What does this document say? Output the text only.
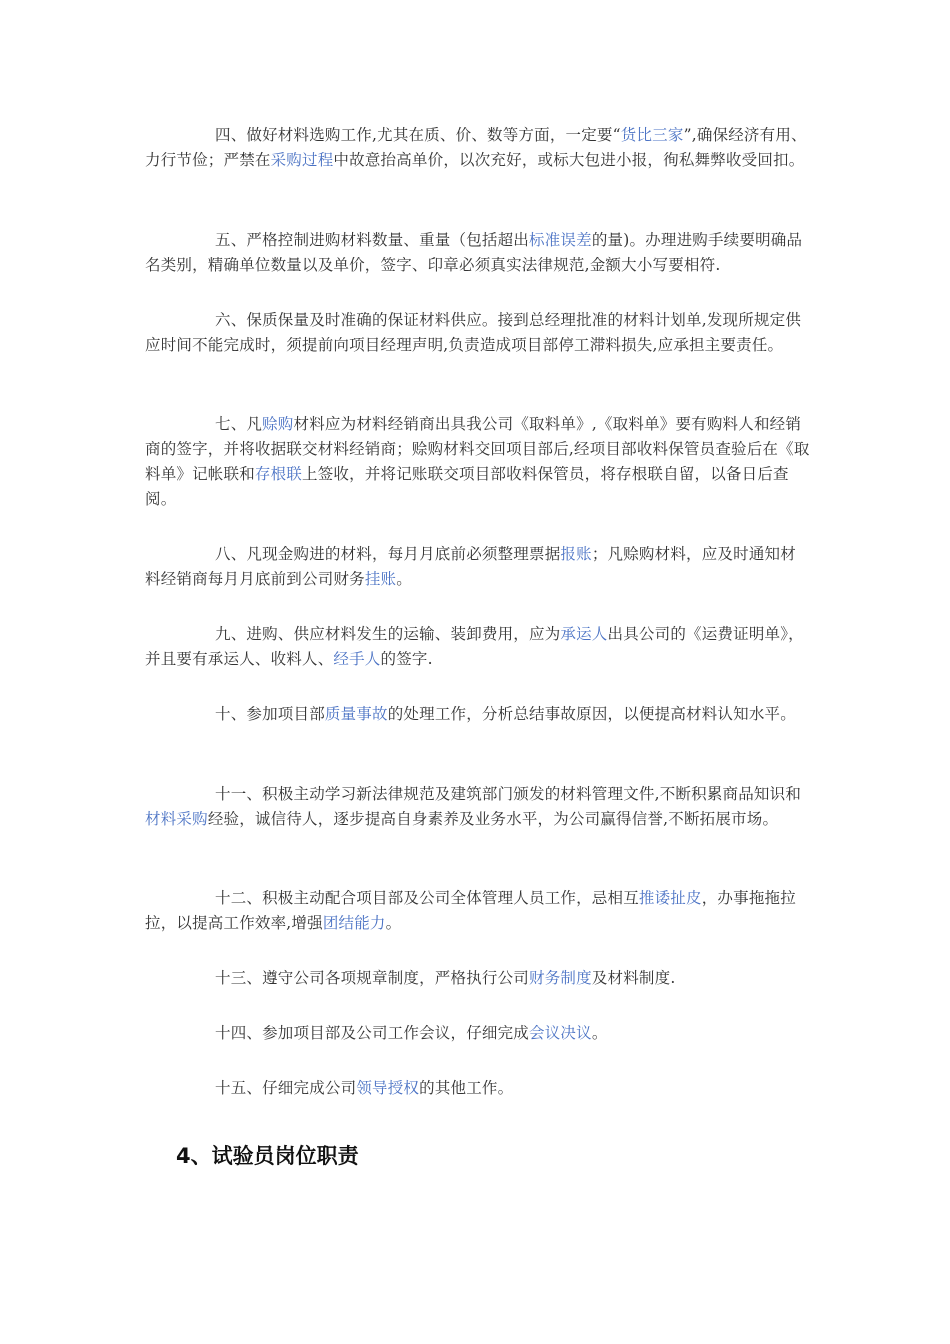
四、做好材料选购工作,尤其在质、价、数等方面，一定要“货比三家”,确保经济有用、力行节俭；严禁在采购过程中故意抬高单价，以次充好，或标大包进小报，徇私舞弊收受回扣。

五、严格控制进购材料数量、重量（包括超出标准误差的量)。办理进购手续要明确品名类别，精确单位数量以及单价，签字、印章必须真实法律规范,金额大小写要相符.

六、保质保量及时准确的保证材料供应。接到总经理批准的材料计划单,发现所规定供应时间不能完成时，须提前向项目经理声明,负责造成项目部停工滞料损失,应承担主要责任。

七、凡赊购材料应为材料经销商出具我公司《取料单》,《取料单》要有购料人和经销商的签字，并将收据联交材料经销商；赊购材料交回项目部后,经项目部收料保管员查验后在《取料单》记帐联和存根联上签收，并将记账联交项目部收料保管员，将存根联自留，以备日后查阅。

八、凡现金购进的材料，每月月底前必须整理票据报账；凡赊购材料，应及时通知材料经销商每月月底前到公司财务挂账。

九、进购、供应材料发生的运输、装卸费用，应为承运人出具公司的《运费证明单》，并且要有承运人、收料人、经手人的签字.

十、参加项目部质量事故的处理工作，分析总结事故原因，以便提高材料认知水平。

十一、积极主动学习新法律规范及建筑部门颁发的材料管理文件,不断积累商品知识和材料采购经验，诚信待人，逐步提高自身素养及业务水平，为公司赢得信誉,不断拓展市场。

十二、积极主动配合项目部及公司全体管理人员工作，忌相互推诿扯皮，办事拖拖拉拉，以提高工作效率,增强团结能力。

十三、遵守公司各项规章制度，严格执行公司财务制度及材料制度.

十四、参加项目部及公司工作会议，仔细完成会议决议。

十五、仔细完成公司领导授权的其他工作。

4、试验员岗位职责
